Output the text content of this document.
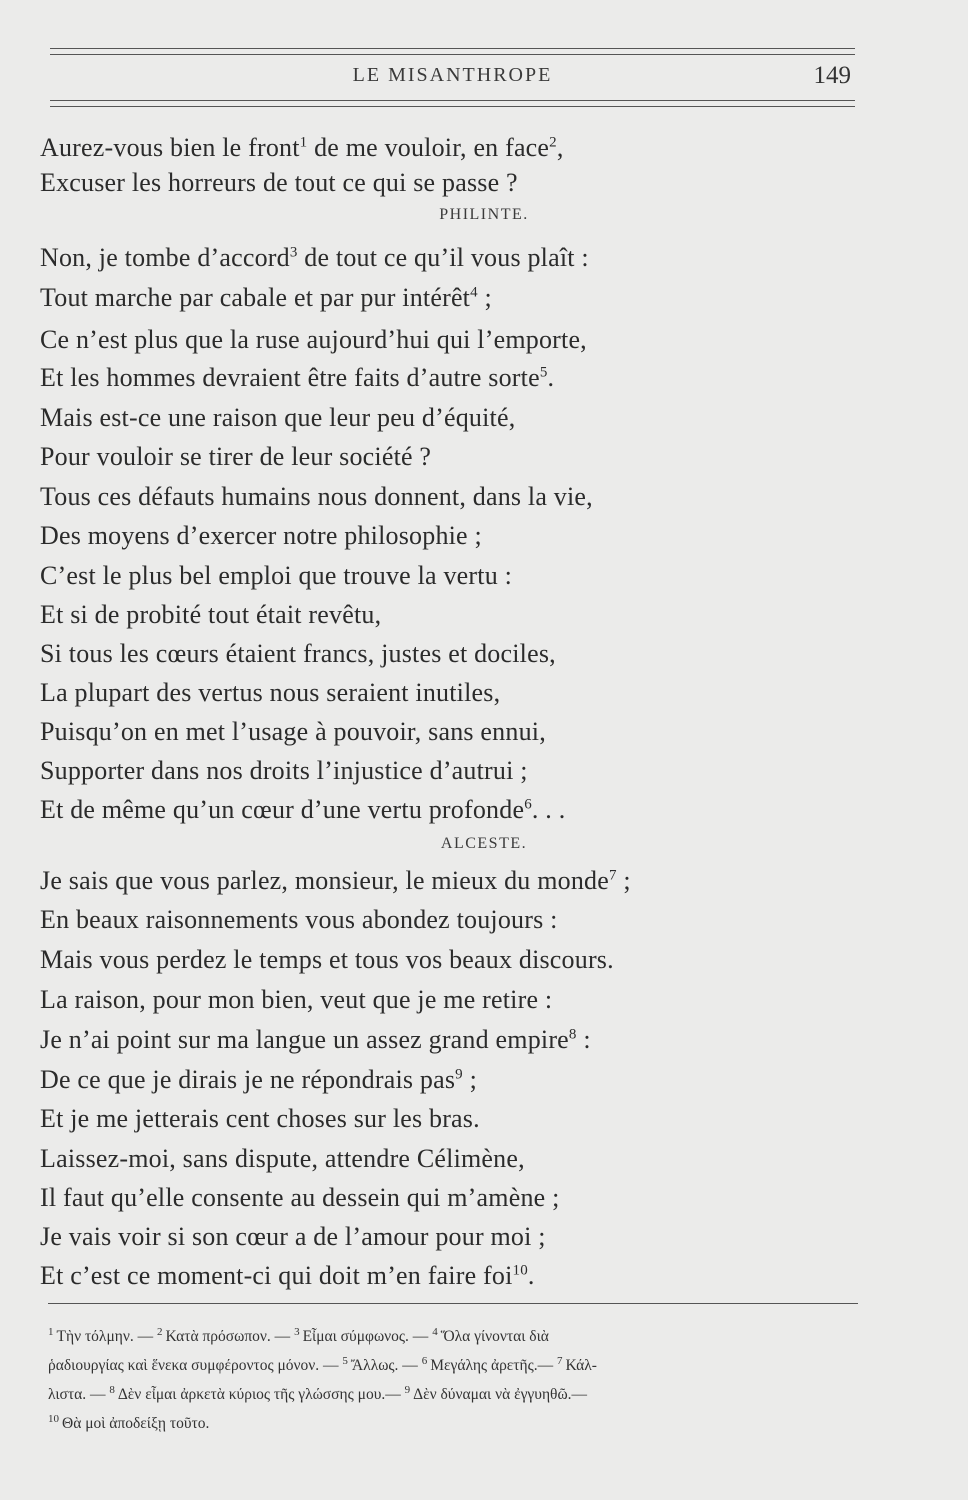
LE MISANTHROPE	149
Aurez-vous bien le front$^1$ de me vouloir, en face$^2$,
Excuser les horreurs de tout ce qui se passe ?
Non, je tombe d’accord$^3$ de tout ce qu’il vous plaît :
Tout marche par cabale et par pur intérêt$^4$ ;
Ce n’est plus que la ruse aujourd’hui qui l’emporte,
Et les hommes devraient être faits d’autre sorte$^5$.
Mais est-ce une raison que leur peu d’équité,
Pour vouloir se tirer de leur société ?
Tous ces défauts humains nous donnent, dans la vie,
Des moyens d’exercer notre philosophie ;
C’est le plus bel emploi que trouve la vertu :
Et si de probité tout était revêtu,
Si tous les cœurs étaient francs, justes et dociles,
La plupart des vertus nous seraient inutiles,
Puisqu’on en met l’usage à pouvoir, sans ennui,
Supporter dans nos droits l’injustice d’autrui ;
Et de même qu’un cœur d’une vertu profonde$^6$. . .
Je sais que vous parlez, monsieur, le mieux du monde$^7$ ;
En beaux raisonnements vous abondez toujours :
Mais vous perdez le temps et tous vos beaux discours.
La raison, pour mon bien, veut que je me retire :
Je n’ai point sur ma langue un assez grand empire$^8$ :
De ce que je dirais je ne répondrais pas$^9$ ;
Et je me jetterais cent choses sur les bras.
Laissez-moi, sans dispute, attendre Célimène,
Il faut qu’elle consente au dessein qui m’amène ;
Je vais voir si son cœur a de l’amour pour moi ;
Et c’est ce moment-ci qui doit m’en faire foi$^{10}$.
PHILINTE.
ALCESTE.
$^1$ Τὴν τόλμην. — $^2$ Κατὰ πρόσωπον. — $^3$ Εἶμαι σύμφωνος. — $^4$ Ὅλα γίνονται διὰ
ῥαδιουργίας καὶ ἕνεκα συμφέροντος μόνον. — $^5$ Ἄλλως. — $^6$ Μεγάλης ἀρετῆς.— $^7$ Κάλ-
λιστα. — $^8$ Δὲν εἶμαι ἀρκετὰ κύριος τῆς γλώσσης μου.— $^9$ Δὲν δύναμαι νὰ ἐγγυηθῶ.—
$^{10}$ Θὰ μοὶ ἀποδείξῃ τοῦτο.
